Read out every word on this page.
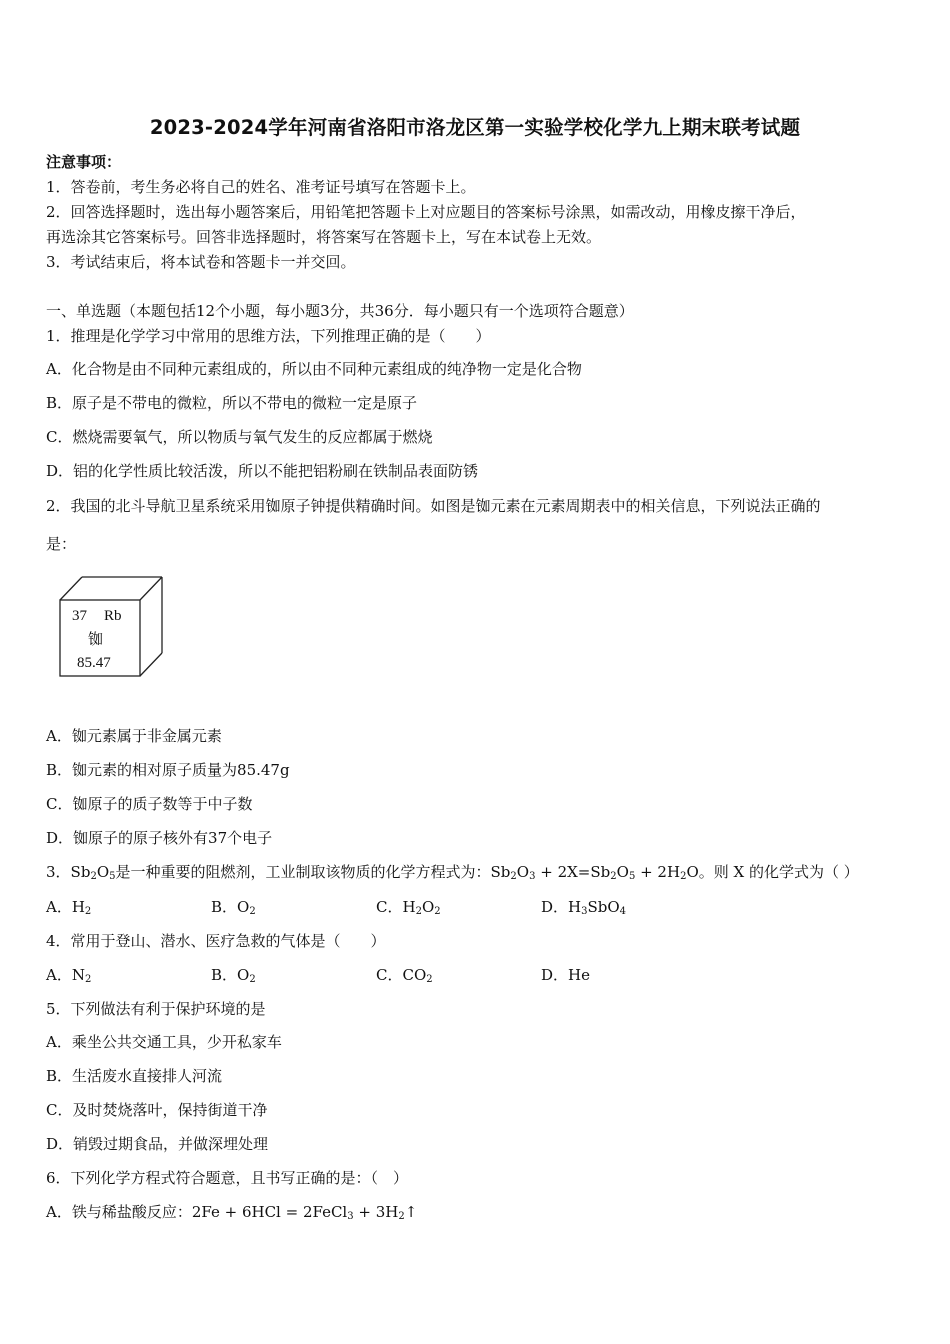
2023-2024学年河南省洛阳市洛龙区第一实验学校化学九上期末联考试题
注意事项：
1．答卷前，考生务必将自己的姓名、准考证号填写在答题卡上。
2．回答选择题时，选出每小题答案后，用铅笔把答题卡上对应题目的答案标号涂黑，如需改动，用橡皮擦干净后，
再选涂其它答案标号。回答非选择题时，将答案写在答题卡上，写在本试卷上无效。
3．考试结束后，将本试卷和答题卡一并交回。
一、单选题（本题包括12个小题，每小题3分，共36分．每小题只有一个选项符合题意）
1．推理是化学学习中常用的思维方法，下列推理正确的是（　　）
A．化合物是由不同种元素组成的，所以由不同种元素组成的纯净物一定是化合物
B．原子是不带电的微粒，所以不带电的微粒一定是原子
C．燃烧需要氧气，所以物质与氧气发生的反应都属于燃烧
D．铝的化学性质比较活泼，所以不能把铝粉刷在铁制品表面防锈
2．我国的北斗导航卫星系统采用铷原子钟提供精确时间。如图是铷元素在元素周期表中的相关信息，下列说法正确的
是：
37 Rb
铷
85.47
A．铷元素属于非金属元素
B．铷元素的相对原子质量为85.47g
C．铷原子的质子数等于中子数
D．铷原子的原子核外有37个电子
3．$Sb_2O_5$是一种重要的阻燃剂，工业制取该物质的化学方程式为：$Sb_2O_3 + 2X=Sb_2O_5 + 2H_2O$。则 X 的化学式为（ ）
A．$H_2$	B．$O_2$	C．$H_2O_2$	D．$H_3SbO_4$
4．常用于登山、潜水、医疗急救的气体是（　　）
A．$N_2$	B．$O_2$	C．$CO_2$	D．He
5．下列做法有利于保护环境的是
A．乘坐公共交通工具，少开私家车
B．生活废水直接排人河流
C．及时焚烧落叶，保持街道干净
D．销毁过期食品，并做深埋处理
6．下列化学方程式符合题意，且书写正确的是：（　）
A．铁与稀盐酸反应：2Fe + 6HCl = 2FeCl$_3$ + $3H_2↑$
